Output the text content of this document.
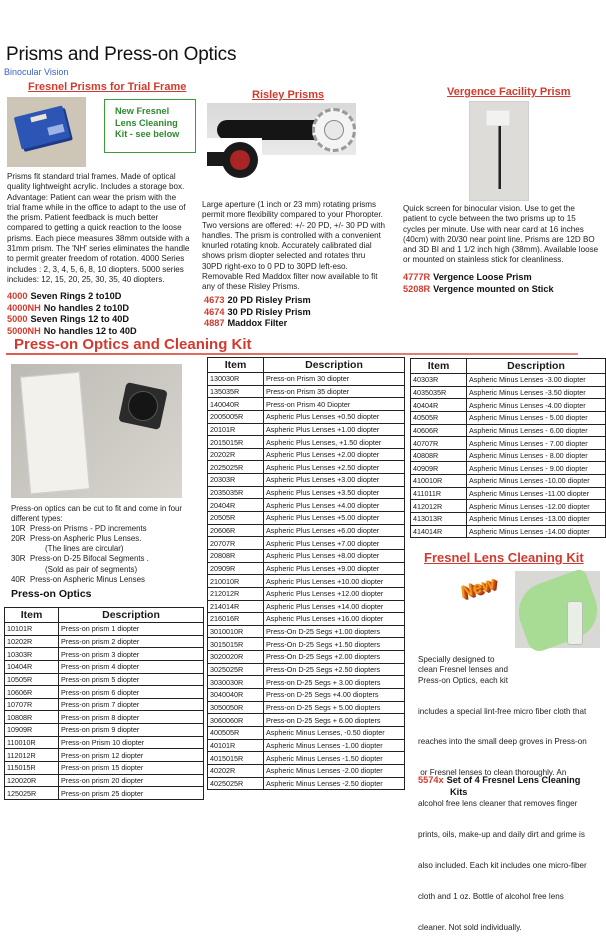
Prisms and Press-on Optics
Binocular Vision
Fresnel Prisms for Trial Frame
New Fresnel
Lens Cleaning
Kit - see below
Prisms fit standard trial frames. Made of optical
quality lightweight acrylic. Includes a storage box.
Advantage: Patient can wear the prism with the
trial frame while in the office to adapt to the use of
the prism. Patient feedback is much better
compared to getting a quick reaction to the loose
prisms. Each piece measures 38mm outside with a
31mm prism. The 'NH' series eliminates the handle
to permit greater freedom of rotation. 4000 Series
includes : 2, 3, 4, 5, 6, 8, 10 diopters. 5000 series
includes: 12, 15, 20, 25, 30, 35, 40 diopters.
4000 Seven Rings 2 to10D
4000NH No handles 2 to10D
5000 Seven Rings 12 to 40D
5000NH No handles 12 to 40D
Risley Prisms
Large aperture (1 inch or 23 mm) rotating prisms
permit more flexibility compared to your Phoropter.
Two versions are offered: +/- 20 PD, +/- 30 PD with
handles. The prism is controlled with a convenient
knurled rotating knob. Accurately calibrated dial
shows prism diopter selected and rotates thru
30PD right-exo to 0 PD to 30PD left-eso.
Removable Red Maddox filter now available to fit
any of these Risley Prisms.
4673 20 PD Risley Prism
4674 30 PD Risley Prism
4887 Maddox Filter
Vergence Facility Prism
Quick screen for binocular vision. Use to get the
patient to cycle between the two prisms up to 15
cycles per minute. Use with near card at 16 inches
(40cm) with 20/30 near point line. Prisms are 12D BO
and 3D BI and 1 1/2 inch high (38mm). Available loose
or mounted on stainless stick for cleanliness.
4777R Vergence Loose Prism
5208R Vergence mounted on Stick
Press-on Optics and Cleaning Kit
Press-on optics can be cut to fit and come in four
different types:
10R Press-on Prisms - PD increments
20R Press-on Aspheric Plus Lenses.
(The lines are circular)
30R Press-on D-25 Bifocal Segments .
(Sold as pair of segments)
40R Press-on Aspheric Minus Lenses
Press-on Optics
Item	Description
10101R	Press-on prism 1 diopter
10202R	Press-on prism 2 diopter
10303R	Press-on prism 3 diopter
10404R	Press-on prism 4 diopter
10505R	Press-on prism 5 diopter
10606R	Press-on prism 6 diopter
10707R	Press-on prism 7 diopter
10808R	Press-on prism 8 diopter
10909R	Press-on prism 9 diopter
110010R	Press-on Prism 10 diopter
112012R	Press-on prism 12 diopter
115015R	Press-on prism 15 diopter
120020R	Press-on prism 20 diopter
125025R	Press-on prism 25 diopter
Item	Description
130030R	Press-on Prism 30 diopter
135035R	Press-on Prism 35 diopter
140040R	Press-on Prism 40 Diopter
2005005R	Aspheric Plus Lenses +0.50 diopter
20101R	Aspheric Plus Lenses +1.00 diopter
2015015R	Aspheric Plus Lenses, +1.50 diopter
20202R	Aspheric Plus Lenses +2.00 diopter
2025025R	Aspheric Plus Lenses +2.50 diopter
20303R	Aspheric Plus Lenses +3.00 diopter
2035035R	Aspheric Plus Lenses +3.50 diopter
20404R	Aspheric Plus Lenses +4.00 diopter
20505R	Aspheric Plus Lenses +5.00 diopter
20606R	Aspheric Plus Lenses +6.00 diopter
20707R	Aspheric Plus Lenses +7.00 diopter
20808R	Aspheric Plus Lenses +8.00 diopter
20909R	Aspheric Plus Lenses +9.00 diopter
210010R	Aspheric Plus Lenses +10.00 diopter
212012R	Aspheric Plus Lenses +12.00 diopter
214014R	Aspheric Plus Lenses +14.00 diopter
216016R	Aspheric Plus Lenses +16.00 diopter
3010010R	Press-On D-25 Segs +1.00 diopters
3015015R	Press-On D-25 Segs +1.50 diopters
3020020R	Press-On D-25 Segs +2.00 diopters
3025025R	Press-On D-25 Segs +2.50 diopters
3030030R	Press-on D-25 Segs + 3.00 diopters
3040040R	Press-on D-25 Segs +4.00 diopters
3050050R	Press-on D-25 Segs + 5.00 diopters
3060060R	Press-on D-25 Segs + 6.00 diopters
400505R	Aspheric Minus Lenses, -0.50 diopter
40101R	Aspheric Minus Lenses -1.00 diopter
4015015R	Aspheric Minus Lenses -1.50 diopter
40202R	Aspheric Minus Lenses -2.00 diopter
4025025R	Aspheric Minus Lenses -2.50 diopter
Item	Description
40303R	Aspheric Minus Lenses -3.00 diopter
4035035R	Aspheric Minus Lenses -3.50 diopter
40404R	Aspheric Minus Lenses -4.00 diopter
40505R	Aspheric Minus Lenses - 5.00 diopter
40606R	Aspheric Minus Lenses - 6.00 diopter
40707R	Aspheric Minus Lenses - 7.00 diopter
40808R	Aspheric Minus Lenses - 8.00 diopter
40909R	Aspheric Minus Lenses - 9.00 diopter
410010R	Aspheric Minus Lenses -10.00 diopter
411011R	Aspheric Minus Lenses -11.00 diopter
412012R	Aspheric Minus Lenses -12.00 diopter
413013R	Aspheric Minus Lenses -13.00 diopter
414014R	Aspheric Minus Lenses -14.00 diopter
Fresnel Lens Cleaning Kit
New
Specially designed to
clean Fresnel lenses and
Press-on Optics, each kit

includes a special lint-free micro fiber cloth that

reaches into the small deep groves in Press-on

or Fresnel lenses to clean thoroughly. An

alcohol free lens cleaner that removes finger

prints, oils, make-up and daily dirt and grime is

also included. Each kit includes one micro-fiber

cloth and 1 oz. Bottle of alcohol free lens

cleaner. Not sold individually.

5574x Set of 4 Fresnel Lens Cleaning
Kits
